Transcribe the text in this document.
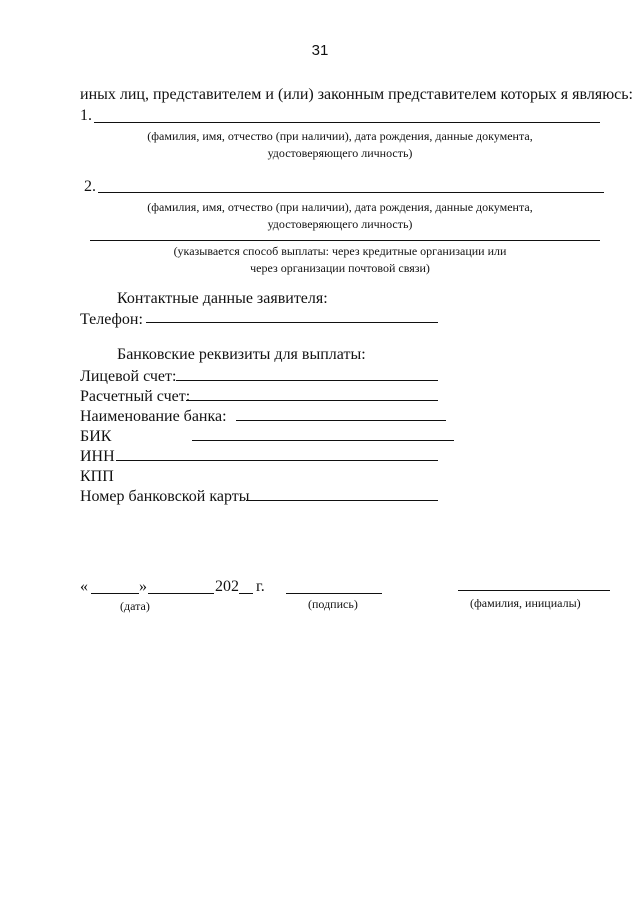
31
иных лиц, представителем и (или) законным представителем которых я являюсь:
1.
(фамилия, имя, отчество (при наличии), дата рождения, данные документа,
удостоверяющего личность)
2.
(фамилия, имя, отчество (при наличии), дата рождения, данные документа,
удостоверяющего личность)
(указывается способ выплаты: через кредитные организации или
через организации почтовой связи)
Контактные данные заявителя:
Телефон:
Банковские реквизиты для выплаты:
Лицевой счет:
Расчетный счет:
Наименование банка:
БИК
ИНН
КПП
Номер банковской карты
«	»	202 г.
(дата)	(подпись)	(фамилия, инициалы)
